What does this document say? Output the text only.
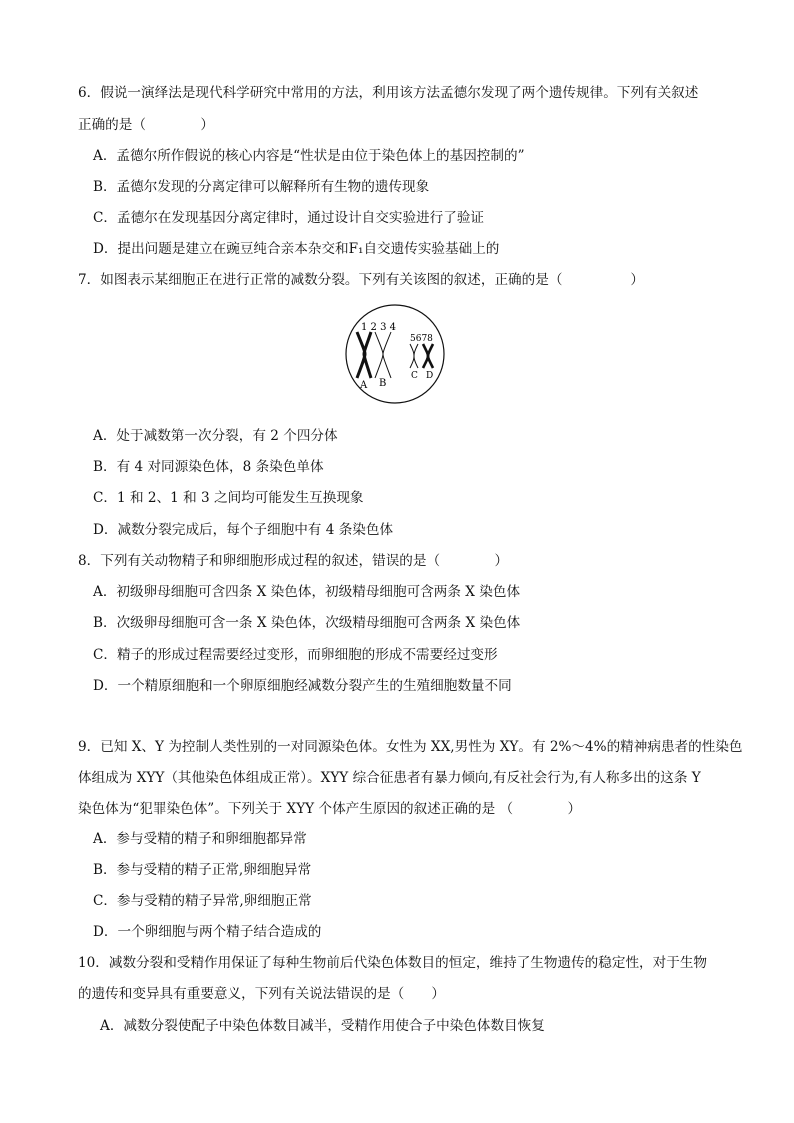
6．假说一演绎法是现代科学研究中常用的方法，利用该方法孟德尔发现了两个遗传规律。下列有关叙述
正确的是（　　　　）
A．孟德尔所作假说的核心内容是“性状是由位于染色体上的基因控制的”
B．孟德尔发现的分离定律可以解释所有生物的遗传现象
C．孟德尔在发现基因分离定律时，通过设计自交实验进行了验证
D．提出问题是建立在豌豆纯合亲本杂交和F₁自交遗传实验基础上的
7．如图表示某细胞正在进行正常的减数分裂。下列有关该图的叙述，正确的是（　　　　　）
1 2 3 4
5678
A B
C D
A．处于减数第一次分裂，有 2 个四分体
B．有 4 对同源染色体，8 条染色单体
C．1 和 2、1 和 3 之间均可能发生互换现象
D．减数分裂完成后，每个子细胞中有 4 条染色体
8．下列有关动物精子和卵细胞形成过程的叙述，错误的是（　　　　）
A．初级卵母细胞可含四条 X 染色体，初级精母细胞可含两条 X 染色体
B．次级卵母细胞可含一条 X 染色体，次级精母细胞可含两条 X 染色体
C．精子的形成过程需要经过变形，而卵细胞的形成不需要经过变形
D．一个精原细胞和一个卵原细胞经减数分裂产生的生殖细胞数量不同
9．已知 X、Y 为控制人类性别的一对同源染色体。女性为 XX,男性为 XY。有 2%～4%的精神病患者的性染色
体组成为 XYY（其他染色体组成正常）。XYY 综合征患者有暴力倾向,有反社会行为,有人称多出的这条 Y
染色体为“犯罪染色体”。下列关于 XYY 个体产生原因的叙述正确的是 （　　　　）
A．参与受精的精子和卵细胞都异常
B．参与受精的精子正常,卵细胞异常
C．参与受精的精子异常,卵细胞正常
D．一个卵细胞与两个精子结合造成的
10．减数分裂和受精作用保证了每种生物前后代染色体数目的恒定，维持了生物遗传的稳定性，对于生物
的遗传和变异具有重要意义，下列有关说法错误的是（　　）
A．减数分裂使配子中染色体数目减半，受精作用使合子中染色体数目恢复
